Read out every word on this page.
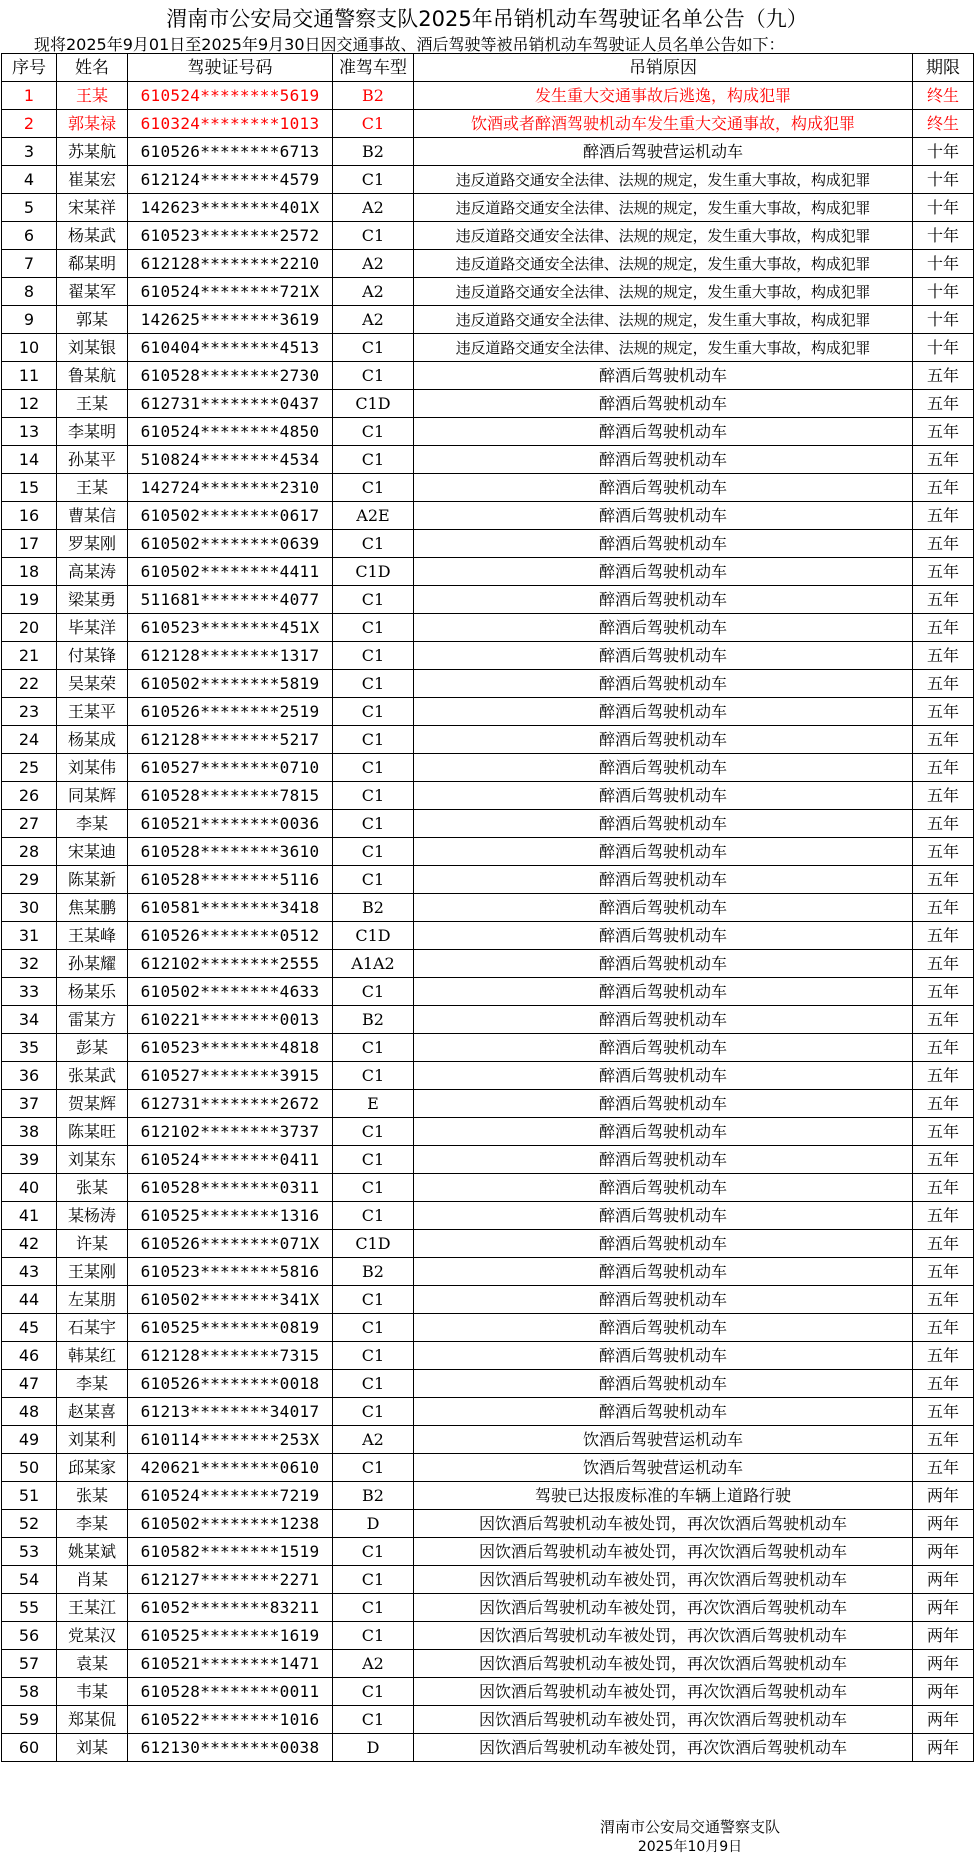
渭南市公安局交通警察支队2025年吊销机动车驾驶证名单公告（九）
现将2025年9月01日至2025年9月30日因交通事故、酒后驾驶等被吊销机动车驾驶证人员名单公告如下：
序号	姓名	驾驶证号码	准驾车型	吊销原因	期限
1	王某	610524********5619	B2	发生重大交通事故后逃逸，构成犯罪	终生
2	郭某禄	610324********1013	C1	饮酒或者醉酒驾驶机动车发生重大交通事故，构成犯罪	终生
3	苏某航	610526********6713	B2	醉酒后驾驶营运机动车	十年
4	崔某宏	612124********4579	C1	违反道路交通安全法律、法规的规定，发生重大事故，构成犯罪	十年
5	宋某祥	142623********401X	A2	违反道路交通安全法律、法规的规定，发生重大事故，构成犯罪	十年
6	杨某武	610523********2572	C1	违反道路交通安全法律、法规的规定，发生重大事故，构成犯罪	十年
7	郗某明	612128********2210	A2	违反道路交通安全法律、法规的规定，发生重大事故，构成犯罪	十年
8	翟某军	610524********721X	A2	违反道路交通安全法律、法规的规定，发生重大事故，构成犯罪	十年
9	郭某	142625********3619	A2	违反道路交通安全法律、法规的规定，发生重大事故，构成犯罪	十年
10	刘某银	610404********4513	C1	违反道路交通安全法律、法规的规定，发生重大事故，构成犯罪	十年
11	鲁某航	610528********2730	C1	醉酒后驾驶机动车	五年
12	王某	612731********0437	C1D	醉酒后驾驶机动车	五年
13	李某明	610524********4850	C1	醉酒后驾驶机动车	五年
14	孙某平	510824********4534	C1	醉酒后驾驶机动车	五年
15	王某	142724********2310	C1	醉酒后驾驶机动车	五年
16	曹某信	610502********0617	A2E	醉酒后驾驶机动车	五年
17	罗某刚	610502********0639	C1	醉酒后驾驶机动车	五年
18	高某涛	610502********4411	C1D	醉酒后驾驶机动车	五年
19	梁某勇	511681********4077	C1	醉酒后驾驶机动车	五年
20	毕某洋	610523********451X	C1	醉酒后驾驶机动车	五年
21	付某锋	612128********1317	C1	醉酒后驾驶机动车	五年
22	吴某荣	610502********5819	C1	醉酒后驾驶机动车	五年
23	王某平	610526********2519	C1	醉酒后驾驶机动车	五年
24	杨某成	612128********5217	C1	醉酒后驾驶机动车	五年
25	刘某伟	610527********0710	C1	醉酒后驾驶机动车	五年
26	同某辉	610528********7815	C1	醉酒后驾驶机动车	五年
27	李某	610521********0036	C1	醉酒后驾驶机动车	五年
28	宋某迪	610528********3610	C1	醉酒后驾驶机动车	五年
29	陈某新	610528********5116	C1	醉酒后驾驶机动车	五年
30	焦某鹏	610581********3418	B2	醉酒后驾驶机动车	五年
31	王某峰	610526********0512	C1D	醉酒后驾驶机动车	五年
32	孙某耀	612102********2555	A1A2	醉酒后驾驶机动车	五年
33	杨某乐	610502********4633	C1	醉酒后驾驶机动车	五年
34	雷某方	610221********0013	B2	醉酒后驾驶机动车	五年
35	彭某	610523********4818	C1	醉酒后驾驶机动车	五年
36	张某武	610527********3915	C1	醉酒后驾驶机动车	五年
37	贺某辉	612731********2672	E	醉酒后驾驶机动车	五年
38	陈某旺	612102********3737	C1	醉酒后驾驶机动车	五年
39	刘某东	610524********0411	C1	醉酒后驾驶机动车	五年
40	张某	610528********0311	C1	醉酒后驾驶机动车	五年
41	某杨涛	610525********1316	C1	醉酒后驾驶机动车	五年
42	许某	610526********071X	C1D	醉酒后驾驶机动车	五年
43	王某刚	610523********5816	B2	醉酒后驾驶机动车	五年
44	左某朋	610502********341X	C1	醉酒后驾驶机动车	五年
45	石某宇	610525********0819	C1	醉酒后驾驶机动车	五年
46	韩某红	612128********7315	C1	醉酒后驾驶机动车	五年
47	李某	610526********0018	C1	醉酒后驾驶机动车	五年
48	赵某喜	61213********34017	C1	醉酒后驾驶机动车	五年
49	刘某利	610114********253X	A2	饮酒后驾驶营运机动车	五年
50	邱某家	420621********0610	C1	饮酒后驾驶营运机动车	五年
51	张某	610524********7219	B2	驾驶已达报废标准的车辆上道路行驶	两年
52	李某	610502********1238	D	因饮酒后驾驶机动车被处罚，再次饮酒后驾驶机动车	两年
53	姚某斌	610582********1519	C1	因饮酒后驾驶机动车被处罚，再次饮酒后驾驶机动车	两年
54	肖某	612127********2271	C1	因饮酒后驾驶机动车被处罚，再次饮酒后驾驶机动车	两年
55	王某江	61052********83211	C1	因饮酒后驾驶机动车被处罚，再次饮酒后驾驶机动车	两年
56	党某汉	610525********1619	C1	因饮酒后驾驶机动车被处罚，再次饮酒后驾驶机动车	两年
57	袁某	610521********1471	A2	因饮酒后驾驶机动车被处罚，再次饮酒后驾驶机动车	两年
58	韦某	610528********0011	C1	因饮酒后驾驶机动车被处罚，再次饮酒后驾驶机动车	两年
59	郑某侃	610522********1016	C1	因饮酒后驾驶机动车被处罚，再次饮酒后驾驶机动车	两年
60	刘某	612130********0038	D	因饮酒后驾驶机动车被处罚，再次饮酒后驾驶机动车	两年
渭南市公安局交通警察支队
2025年10月9日
